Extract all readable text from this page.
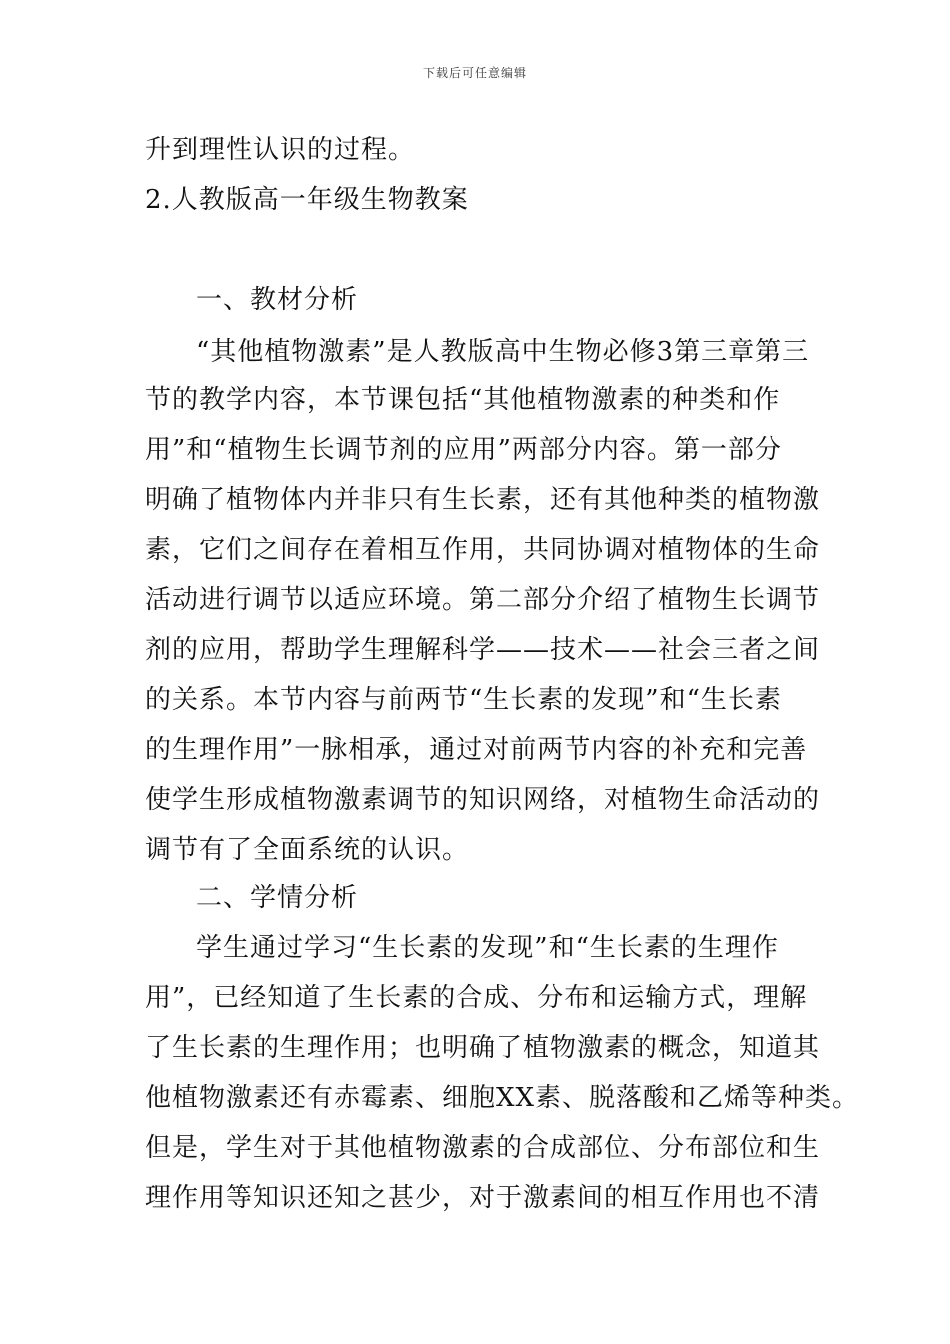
下载后可任意编辑
升到理性认识的过程。
2.人教版高一年级生物教案
一、教材分析
“其他植物激素”是人教版高中生物必修3第三章第三
节的教学内容，本节课包括“其他植物激素的种类和作
用”和“植物生长调节剂的应用”两部分内容。第一部分
明确了植物体内并非只有生长素，还有其他种类的植物激
素，它们之间存在着相互作用，共同协调对植物体的生命
活动进行调节以适应环境。第二部分介绍了植物生长调节
剂的应用，帮助学生理解科学——技术——社会三者之间
的关系。本节内容与前两节“生长素的发现”和“生长素
的生理作用”一脉相承，通过对前两节内容的补充和完善
使学生形成植物激素调节的知识网络，对植物生命活动的
调节有了全面系统的认识。
二、学情分析
学生通过学习“生长素的发现”和“生长素的生理作
用”，已经知道了生长素的合成、分布和运输方式，理解
了生长素的生理作用；也明确了植物激素的概念，知道其
他植物激素还有赤霉素、细胞XX素、脱落酸和乙烯等种类。
但是，学生对于其他植物激素的合成部位、分布部位和生
理作用等知识还知之甚少，对于激素间的相互作用也不清
